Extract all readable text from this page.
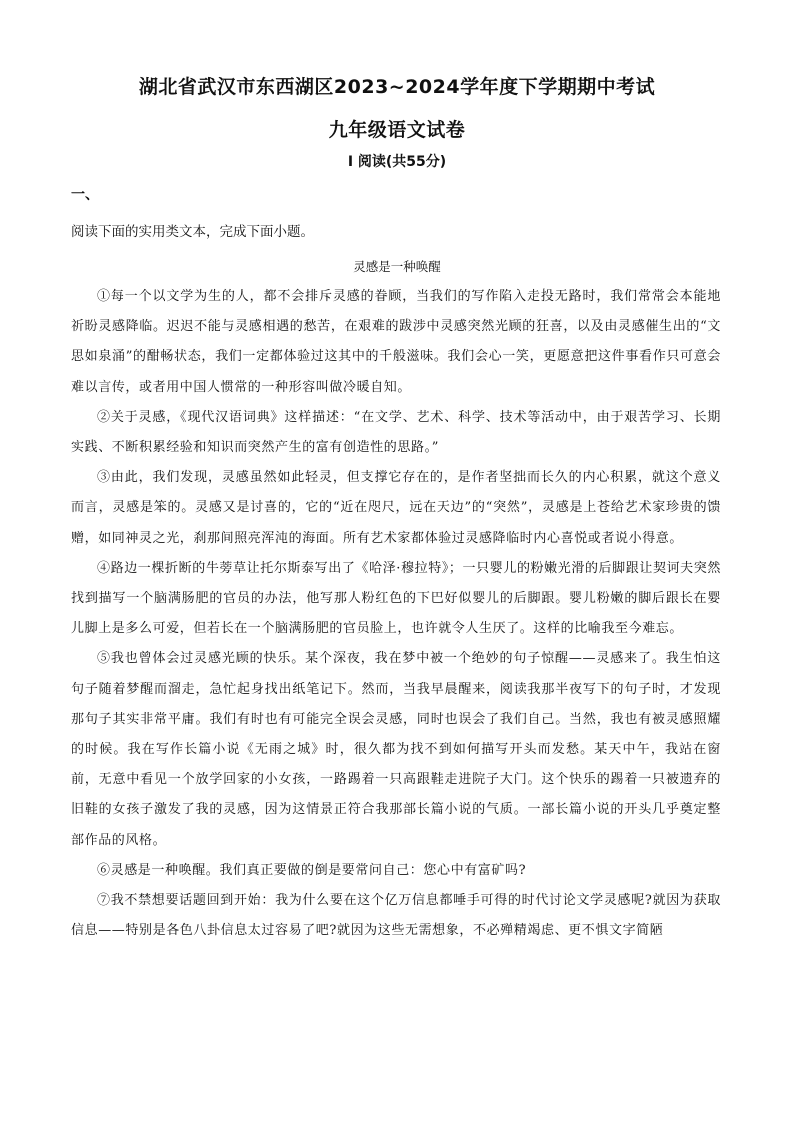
湖北省武汉市东西湖区2023~2024学年度下学期期中考试
九年级语文试卷
Ⅰ 阅读(共55分)
一、
阅读下面的实用类文本，完成下面小题。
灵感是一种唤醒

①每一个以文学为生的人，都不会排斥灵感的眷顾，当我们的写作陷入走投无路时，我们常常会本能地祈盼灵感降临。迟迟不能与灵感相遇的愁苦，在艰难的跋涉中灵感突然光顾的狂喜，以及由灵感催生出的“文思如泉涌”的酣畅状态，我们一定都体验过这其中的千般滋味。我们会心一笑，更愿意把这件事看作只可意会难以言传，或者用中国人惯常的一种形容叫做冷暖自知。

②关于灵感，《现代汉语词典》这样描述：“在文学、艺术、科学、技术等活动中，由于艰苦学习、长期实践、不断积累经验和知识而突然产生的富有创造性的思路。”

③由此，我们发现，灵感虽然如此轻灵，但支撑它存在的，是作者坚拙而长久的内心积累，就这个意义而言，灵感是笨的。灵感又是讨喜的，它的“近在咫尺，远在天边”的“突然”，灵感是上苍给艺术家珍贵的馈赠，如同神灵之光，刹那间照亮浑沌的海面。所有艺术家都体验过灵感降临时内心喜悦或者说小得意。

④路边一棵折断的牛蒡草让托尔斯泰写出了《哈泽·穆拉特》；一只婴儿的粉嫩光滑的后脚跟让契诃夫突然找到描写一个脑满肠肥的官员的办法，他写那人粉红色的下巴好似婴儿的后脚跟。婴儿粉嫩的脚后跟长在婴儿脚上是多么可爱，但若长在一个脑满肠肥的官员脸上，也许就令人生厌了。这样的比喻我至今难忘。

⑤我也曾体会过灵感光顾的快乐。某个深夜，我在梦中被一个绝妙的句子惊醒——灵感来了。我生怕这句子随着梦醒而溜走，急忙起身找出纸笔记下。然而，当我早晨醒来，阅读我那半夜写下的句子时，才发现那句子其实非常平庸。我们有时也有可能完全误会灵感，同时也误会了我们自己。当然，我也有被灵感照耀的时候。我在写作长篇小说《无雨之城》时，很久都为找不到如何描写开头而发愁。某天中午，我站在窗前，无意中看见一个放学回家的小女孩，一路踢着一只高跟鞋走进院子大门。这个快乐的踢着一只被遗弃的旧鞋的女孩子激发了我的灵感，因为这情景正符合我那部长篇小说的气质。一部长篇小说的开头几乎奠定整部作品的风格。

⑥灵感是一种唤醒。我们真正要做的倒是要常问自己：您心中有富矿吗?

⑦我不禁想要话题回到开始：我为什么要在这个亿万信息都唾手可得的时代讨论文学灵感呢?就因为获取信息——特别是各色八卦信息太过容易了吧?就因为这些无需想象，不必殚精竭虑、更不惧文字简陋
